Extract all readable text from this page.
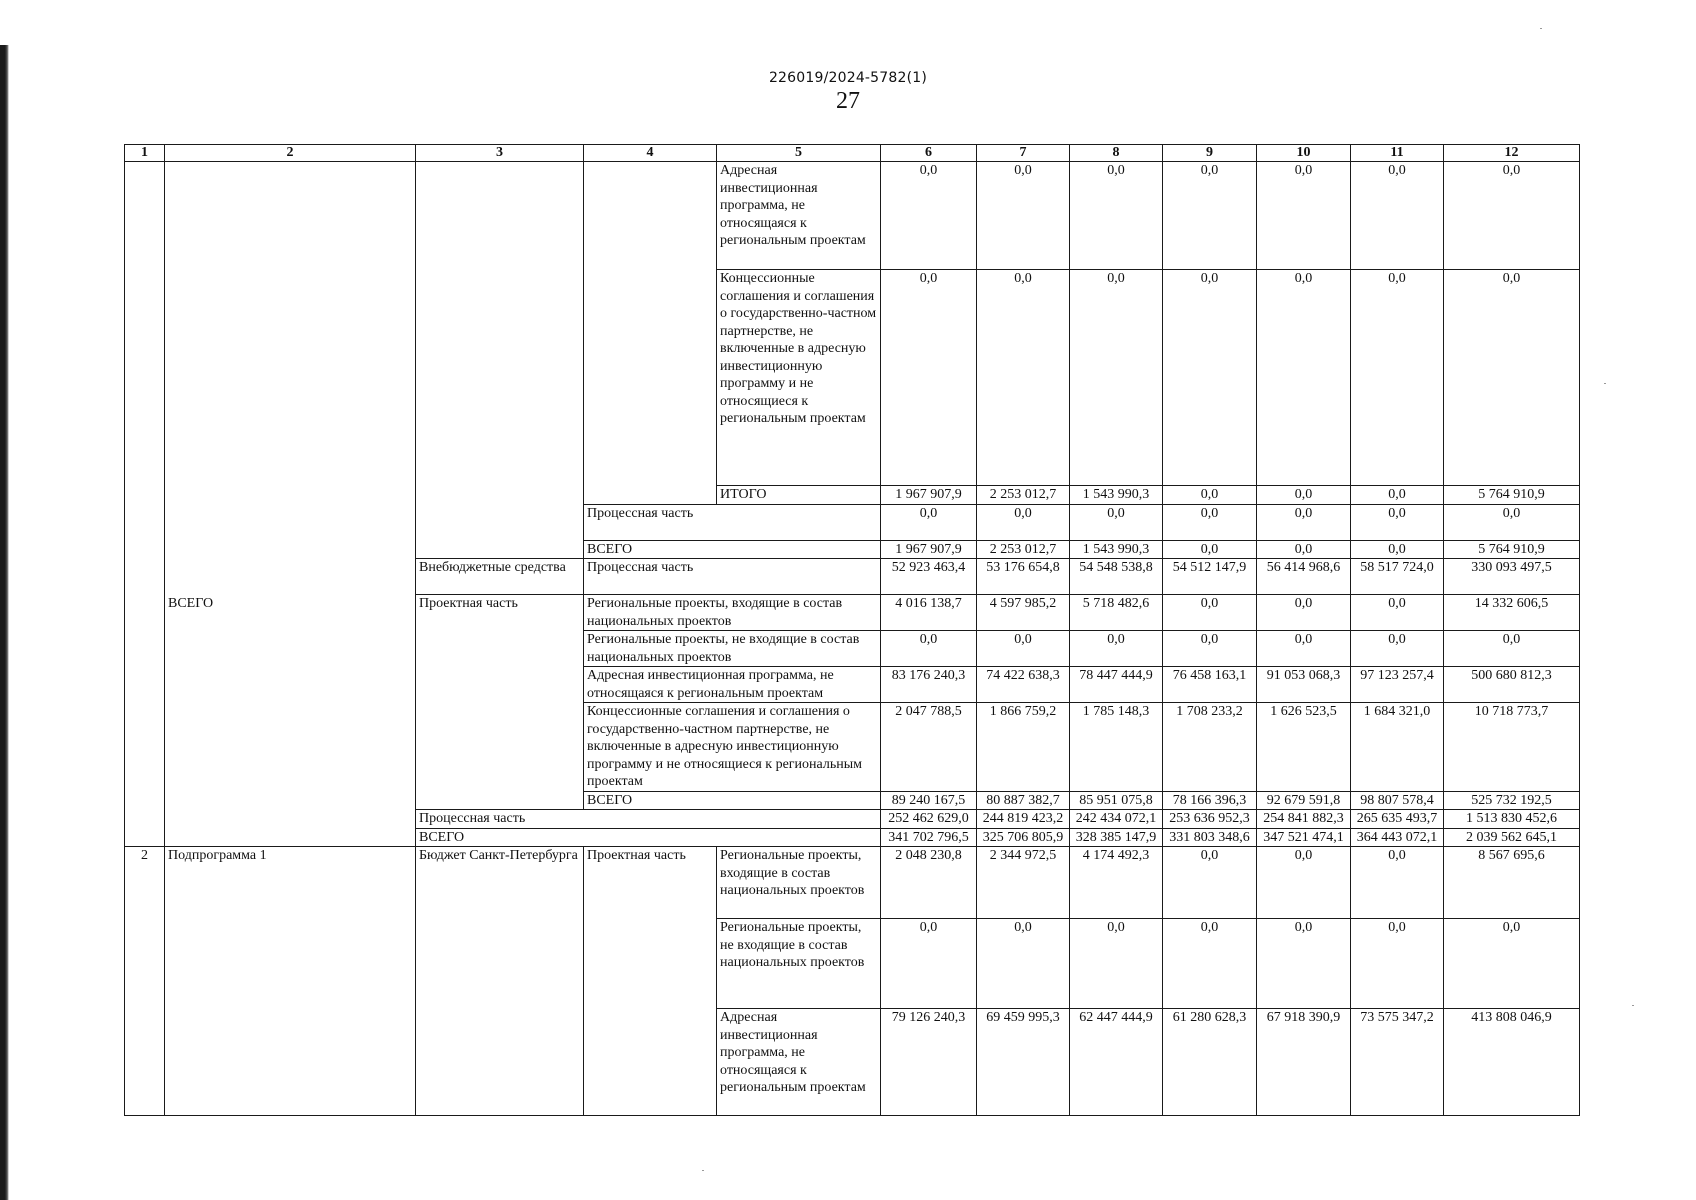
226019/2024-5782(1)
27
1	2	3	4	5	6	7	8	9	10	11	12
				Адресная инвестиционная программа, не относящаяся к региональным проектам	0,0	0,0	0,0	0,0	0,0	0,0	0,0
				Концессионные соглашения и соглашения о государственно-частном партнерстве, не включенные в адресную инвестиционную программу и не относящиеся к региональным проектам	0,0	0,0	0,0	0,0	0,0	0,0	0,0
				ИТОГО	1 967 907,9	2 253 012,7	1 543 990,3	0,0	0,0	0,0	5 764 910,9
			Процессная часть		0,0	0,0	0,0	0,0	0,0	0,0	0,0
			ВСЕГО		1 967 907,9	2 253 012,7	1 543 990,3	0,0	0,0	0,0	5 764 910,9
		Внебюджетные средства	Процессная часть		52 923 463,4	53 176 654,8	54 548 538,8	54 512 147,9	56 414 968,6	58 517 724,0	330 093 497,5
	ВСЕГО	Проектная часть	Региональные проекты, входящие в состав национальных проектов		4 016 138,7	4 597 985,2	5 718 482,6	0,0	0,0	0,0	14 332 606,5
			Региональные проекты, не входящие в состав национальных проектов		0,0	0,0	0,0	0,0	0,0	0,0	0,0
			Адресная инвестиционная программа, не относящаяся к региональным проектам		83 176 240,3	74 422 638,3	78 447 444,9	76 458 163,1	91 053 068,3	97 123 257,4	500 680 812,3
			Концессионные соглашения и соглашения о государственно-частном партнерстве, не включенные в адресную инвестиционную программу и не относящиеся к региональным проектам		2 047 788,5	1 866 759,2	1 785 148,3	1 708 233,2	1 626 523,5	1 684 321,0	10 718 773,7
			ВСЕГО		89 240 167,5	80 887 382,7	85 951 075,8	78 166 396,3	92 679 591,8	98 807 578,4	525 732 192,5
		Процессная часть			252 462 629,0	244 819 423,2	242 434 072,1	253 636 952,3	254 841 882,3	265 635 493,7	1 513 830 452,6
		ВСЕГО			341 702 796,5	325 706 805,9	328 385 147,9	331 803 348,6	347 521 474,1	364 443 072,1	2 039 562 645,1
2	Подпрограмма 1	Бюджет Санкт-Петербурга	Проектная часть	Региональные проекты, входящие в состав национальных проектов	2 048 230,8	2 344 972,5	4 174 492,3	0,0	0,0	0,0	8 567 695,6
				Региональные проекты, не входящие в состав национальных проектов	0,0	0,0	0,0	0,0	0,0	0,0	0,0
				Адресная инвестиционная программа, не относящаяся к региональным проектам	79 126 240,3	69 459 995,3	62 447 444,9	61 280 628,3	67 918 390,9	73 575 347,2	413 808 046,9
